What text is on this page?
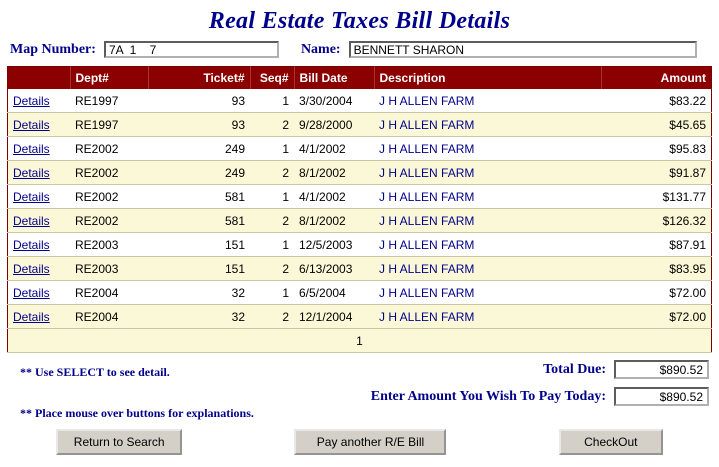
Real Estate Taxes Bill Details
Map Number:
7A 1 7	Name:
BENNETT SHARON
	Dept#	Ticket#	Seq#	Bill Date	Description	Amount
Details	RE1997	93	1	3/30/2004	J H ALLEN FARM	$83.22
Details	RE1997	93	2	9/28/2000	J H ALLEN FARM	$45.65
Details	RE2002	249	1	4/1/2002	J H ALLEN FARM	$95.83
Details	RE2002	249	2	8/1/2002	J H ALLEN FARM	$91.87
Details	RE2002	581	1	4/1/2002	J H ALLEN FARM	$131.77
Details	RE2002	581	2	8/1/2002	J H ALLEN FARM	$126.32
Details	RE2003	151	1	12/5/2003	J H ALLEN FARM	$87.91
Details	RE2003	151	2	6/13/2003	J H ALLEN FARM	$83.95
Details	RE2004	32	1	6/5/2004	J H ALLEN FARM	$72.00
Details	RE2004	32	2	12/1/2004	J H ALLEN FARM	$72.00
1						
** Use SELECT to see detail.
** Place mouse over buttons for explanations.
Total Due:
$890.52
Enter Amount You Wish To Pay Today:
$890.52
Return to Search	Pay another R/E Bill	CheckOut
